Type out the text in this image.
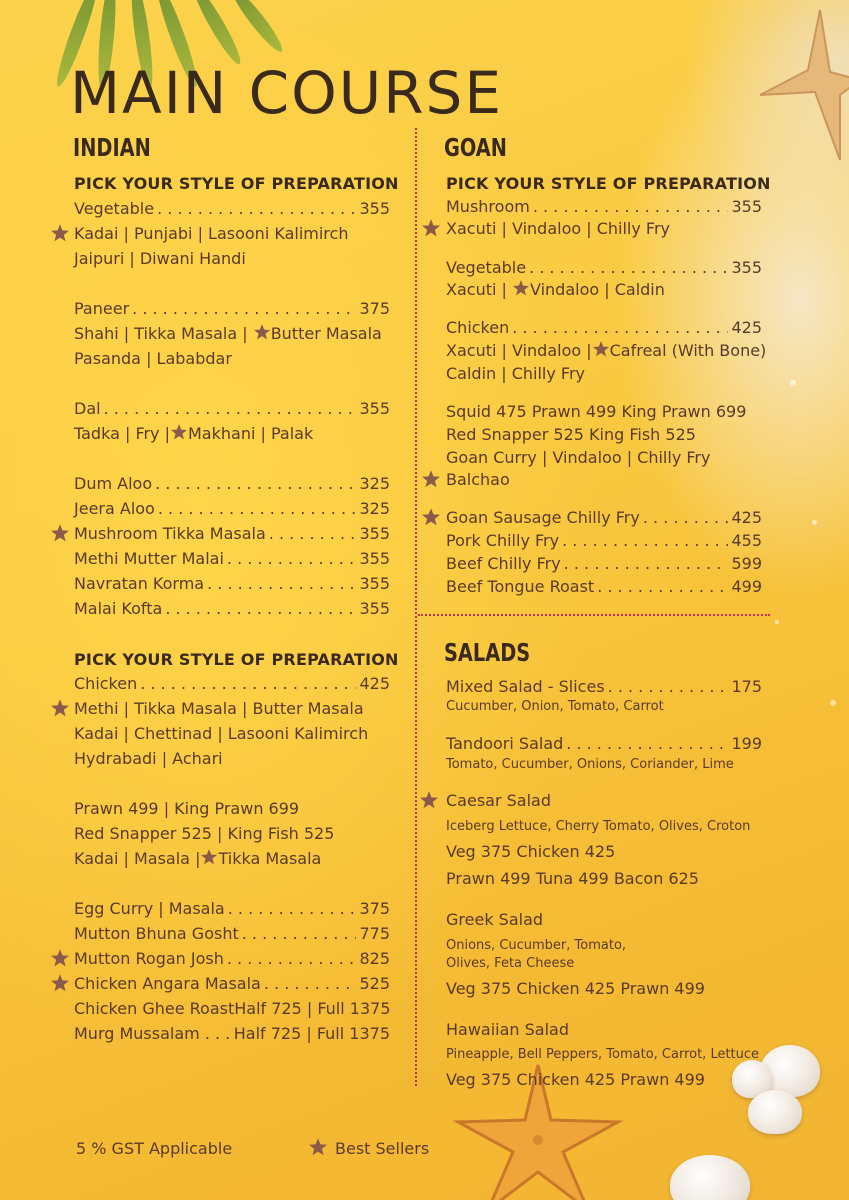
MAIN COURSE
INDIAN
PICK YOUR STYLE OF PREPARATION
Vegetable . . .	355
Kadai | Punjabi | Lasooni Kalimirch
Jaipuri | Diwani Handi
Paneer . . .	375
Shahi | Tikka Masala | Butter Masala
Pasanda | Lababdar
Dal . . .	355
Tadka | Fry | Makhani | Palak
Dum Aloo . . .	325
Jeera Aloo . . .	325
Mushroom Tikka Masala . . .	355
Methi Mutter Malai . . .	355
Navratan Korma . . .	355
Malai Kofta . . .	355
PICK YOUR STYLE OF PREPARATION
Chicken . . .	425
Methi | Tikka Masala | Butter Masala
Kadai | Chettinad | Lasooni Kalimirch
Hydrabadi | Achari
Prawn 499 | King Prawn 699
Red Snapper 525 | King Fish 525
Kadai | Masala | Tikka Masala
Egg Curry | Masala . . .	375
Mutton Bhuna Gosht . . .	775
Mutton Rogan Josh . . .	825
Chicken Angara Masala . . .	525
Chicken Ghee Roast Half 725 | Full 1375
Murg Mussalam . . . Half 725 | Full 1375
GOAN
PICK YOUR STYLE OF PREPARATION
Mushroom . . .	355
Xacuti | Vindaloo | Chilly Fry
Vegetable . . .	355
Xacuti | Vindaloo | Caldin
Chicken . . .	425
Xacuti | Vindaloo | Cafreal (With Bone)
Caldin | Chilly Fry
Squid 475 Prawn 499 King Prawn 699
Red Snapper 525 King Fish 525
Goan Curry | Vindaloo | Chilly Fry
Balchao
Goan Sausage Chilly Fry . . .	425
Pork Chilly Fry . . .	455
Beef Chilly Fry . . .	599
Beef Tongue Roast . . .	499
SALADS
Mixed Salad - Slices . . .	175
Cucumber, Onion, Tomato, Carrot
Tandoori Salad . . .	199
Tomato, Cucumber, Onions, Coriander, Lime
Caesar Salad
Iceberg Lettuce, Cherry Tomato, Olives, Croton
Veg 375 Chicken 425
Prawn 499 Tuna 499 Bacon 625
Greek Salad
Onions, Cucumber, Tomato,
Olives, Feta Cheese
Veg 375 Chicken 425 Prawn 499
Hawaiian Salad
Pineapple, Bell Peppers, Tomato, Carrot, Lettuce
Veg 375 Chicken 425 Prawn 499
5 % GST Applicable	Best Sellers
